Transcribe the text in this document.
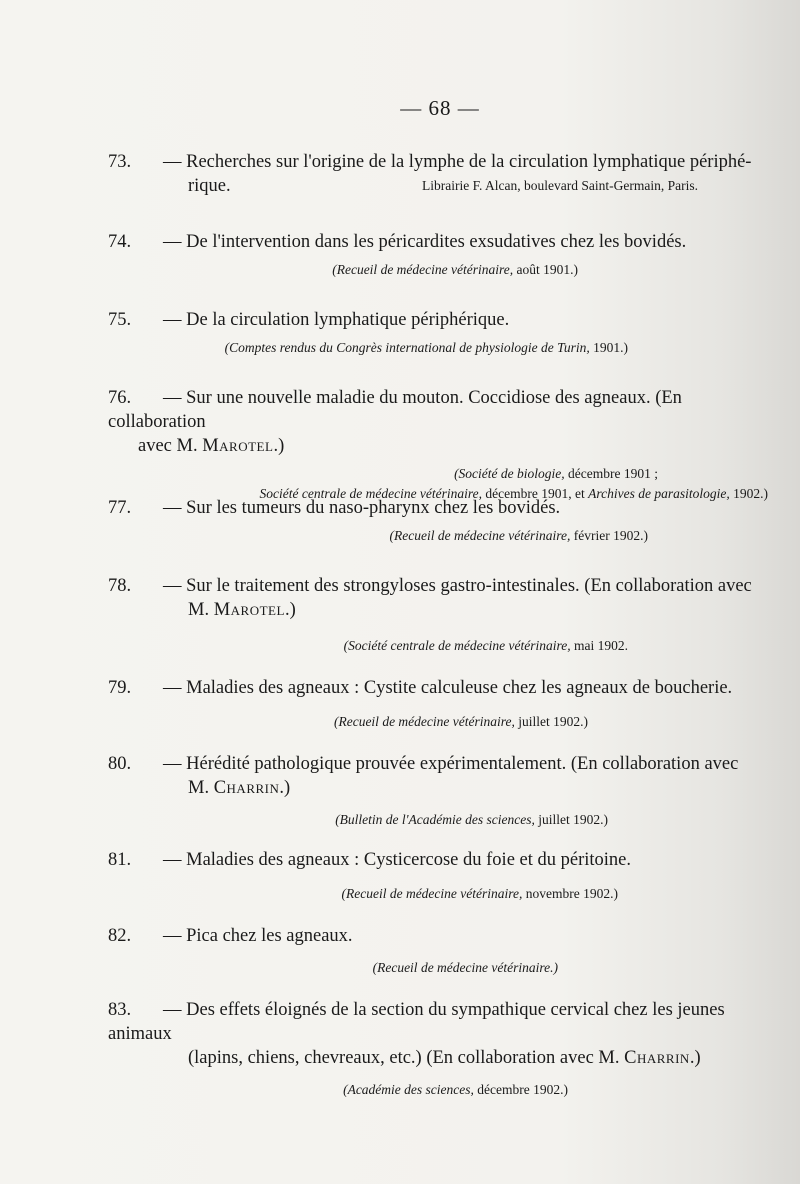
— 68 —

73. — Recherches sur l'origine de la lymphe de la circulation lymphatique périphé-
rique.	Librairie F. Alcan, boulevard Saint-Germain, Paris.

74. — De l'intervention dans les péricardites exsudatives chez les bovidés.

(Recueil de médecine vétérinaire, août 1901.)

75. — De la circulation lymphatique périphérique.

(Comptes rendus du Congrès international de physiologie de Turin, 1901.)

76. — Sur une nouvelle maladie du mouton. Coccidiose des agneaux. (En collaboration
avec M. Marotel.)

(Société de biologie, décembre 1901 ;
Société centrale de médecine vétérinaire, décembre 1901, et Archives de parasitologie, 1902.)

77. — Sur les tumeurs du naso-pharynx chez les bovidés.

(Recueil de médecine vétérinaire, février 1902.)

78. — Sur le traitement des strongyloses gastro-intestinales. (En collaboration avec
M. Marotel.)

(Société centrale de médecine vétérinaire, mai 1902.

79. — Maladies des agneaux : Cystite calculeuse chez les agneaux de boucherie.

(Recueil de médecine vétérinaire, juillet 1902.)

80. — Hérédité pathologique prouvée expérimentalement. (En collaboration avec
M. Charrin.)

(Bulletin de l'Académie des sciences, juillet 1902.)

81. — Maladies des agneaux : Cysticercose du foie et du péritoine.

(Recueil de médecine vétérinaire, novembre 1902.)

82. — Pica chez les agneaux.

(Recueil de médecine vétérinaire.)

83. — Des effets éloignés de la section du sympathique cervical chez les jeunes animaux
(lapins, chiens, chevreaux, etc.) (En collaboration avec M. Charrin.)

(Académie des sciences, décembre 1902.)
